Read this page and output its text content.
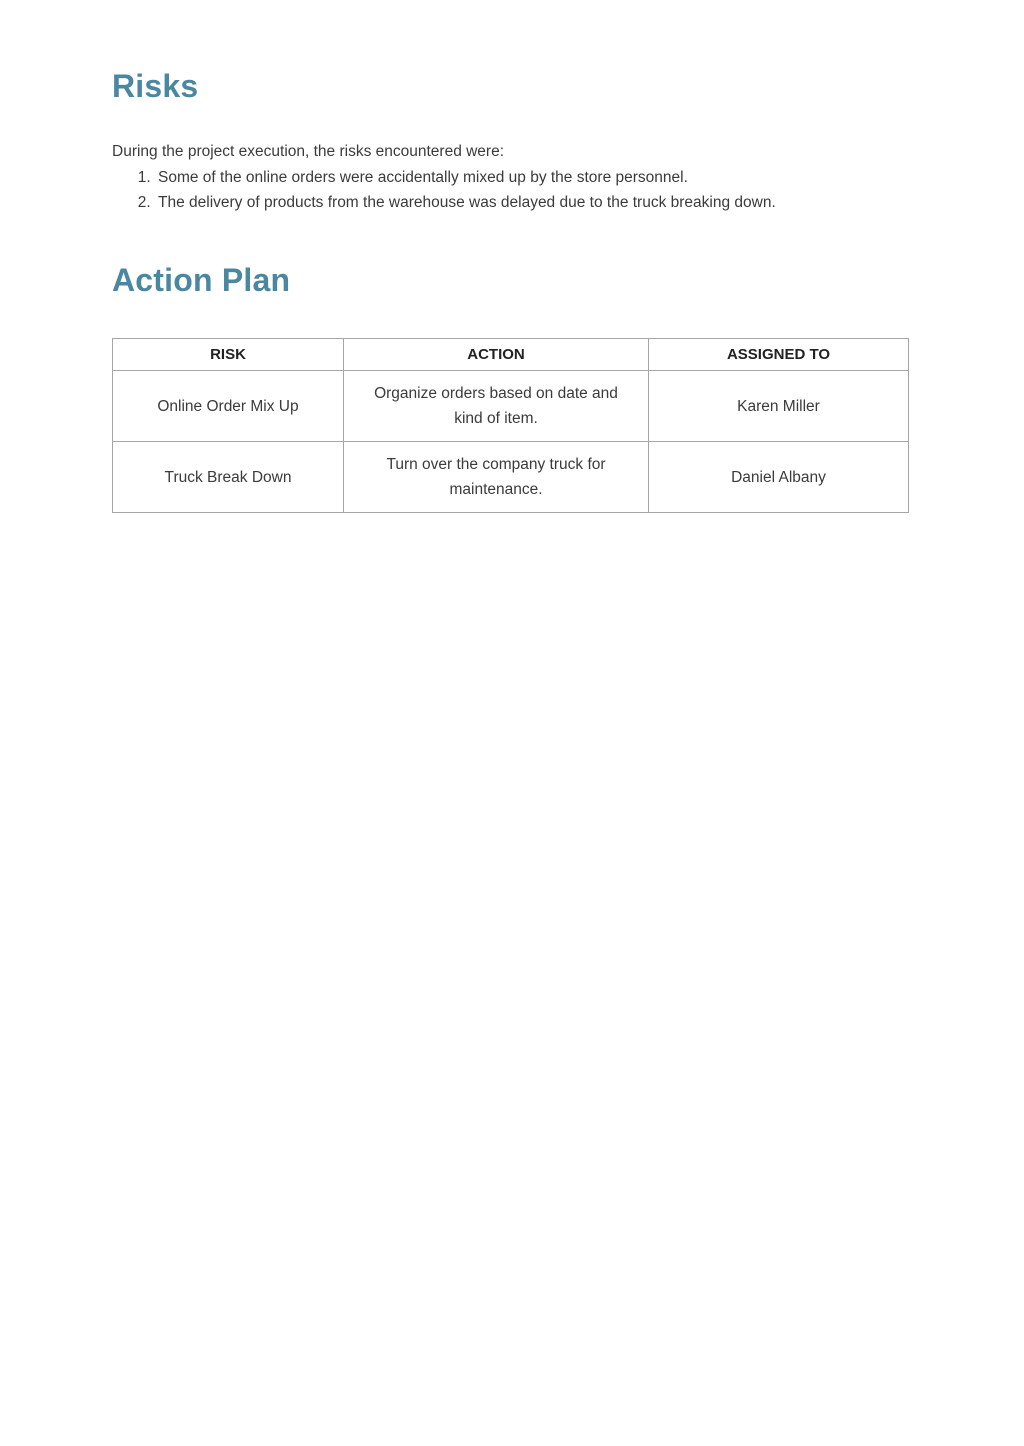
Risks

During the project execution, the risks encountered were:

1. Some of the online orders were accidentally mixed up by the store personnel.
2. The delivery of products from the warehouse was delayed due to the truck breaking down.
Action Plan
RISK	ACTION	ASSIGNED TO
Online Order Mix Up	Organize orders based on date and kind of item.	Karen Miller
Truck Break Down	Turn over the company truck for maintenance.	Daniel Albany
